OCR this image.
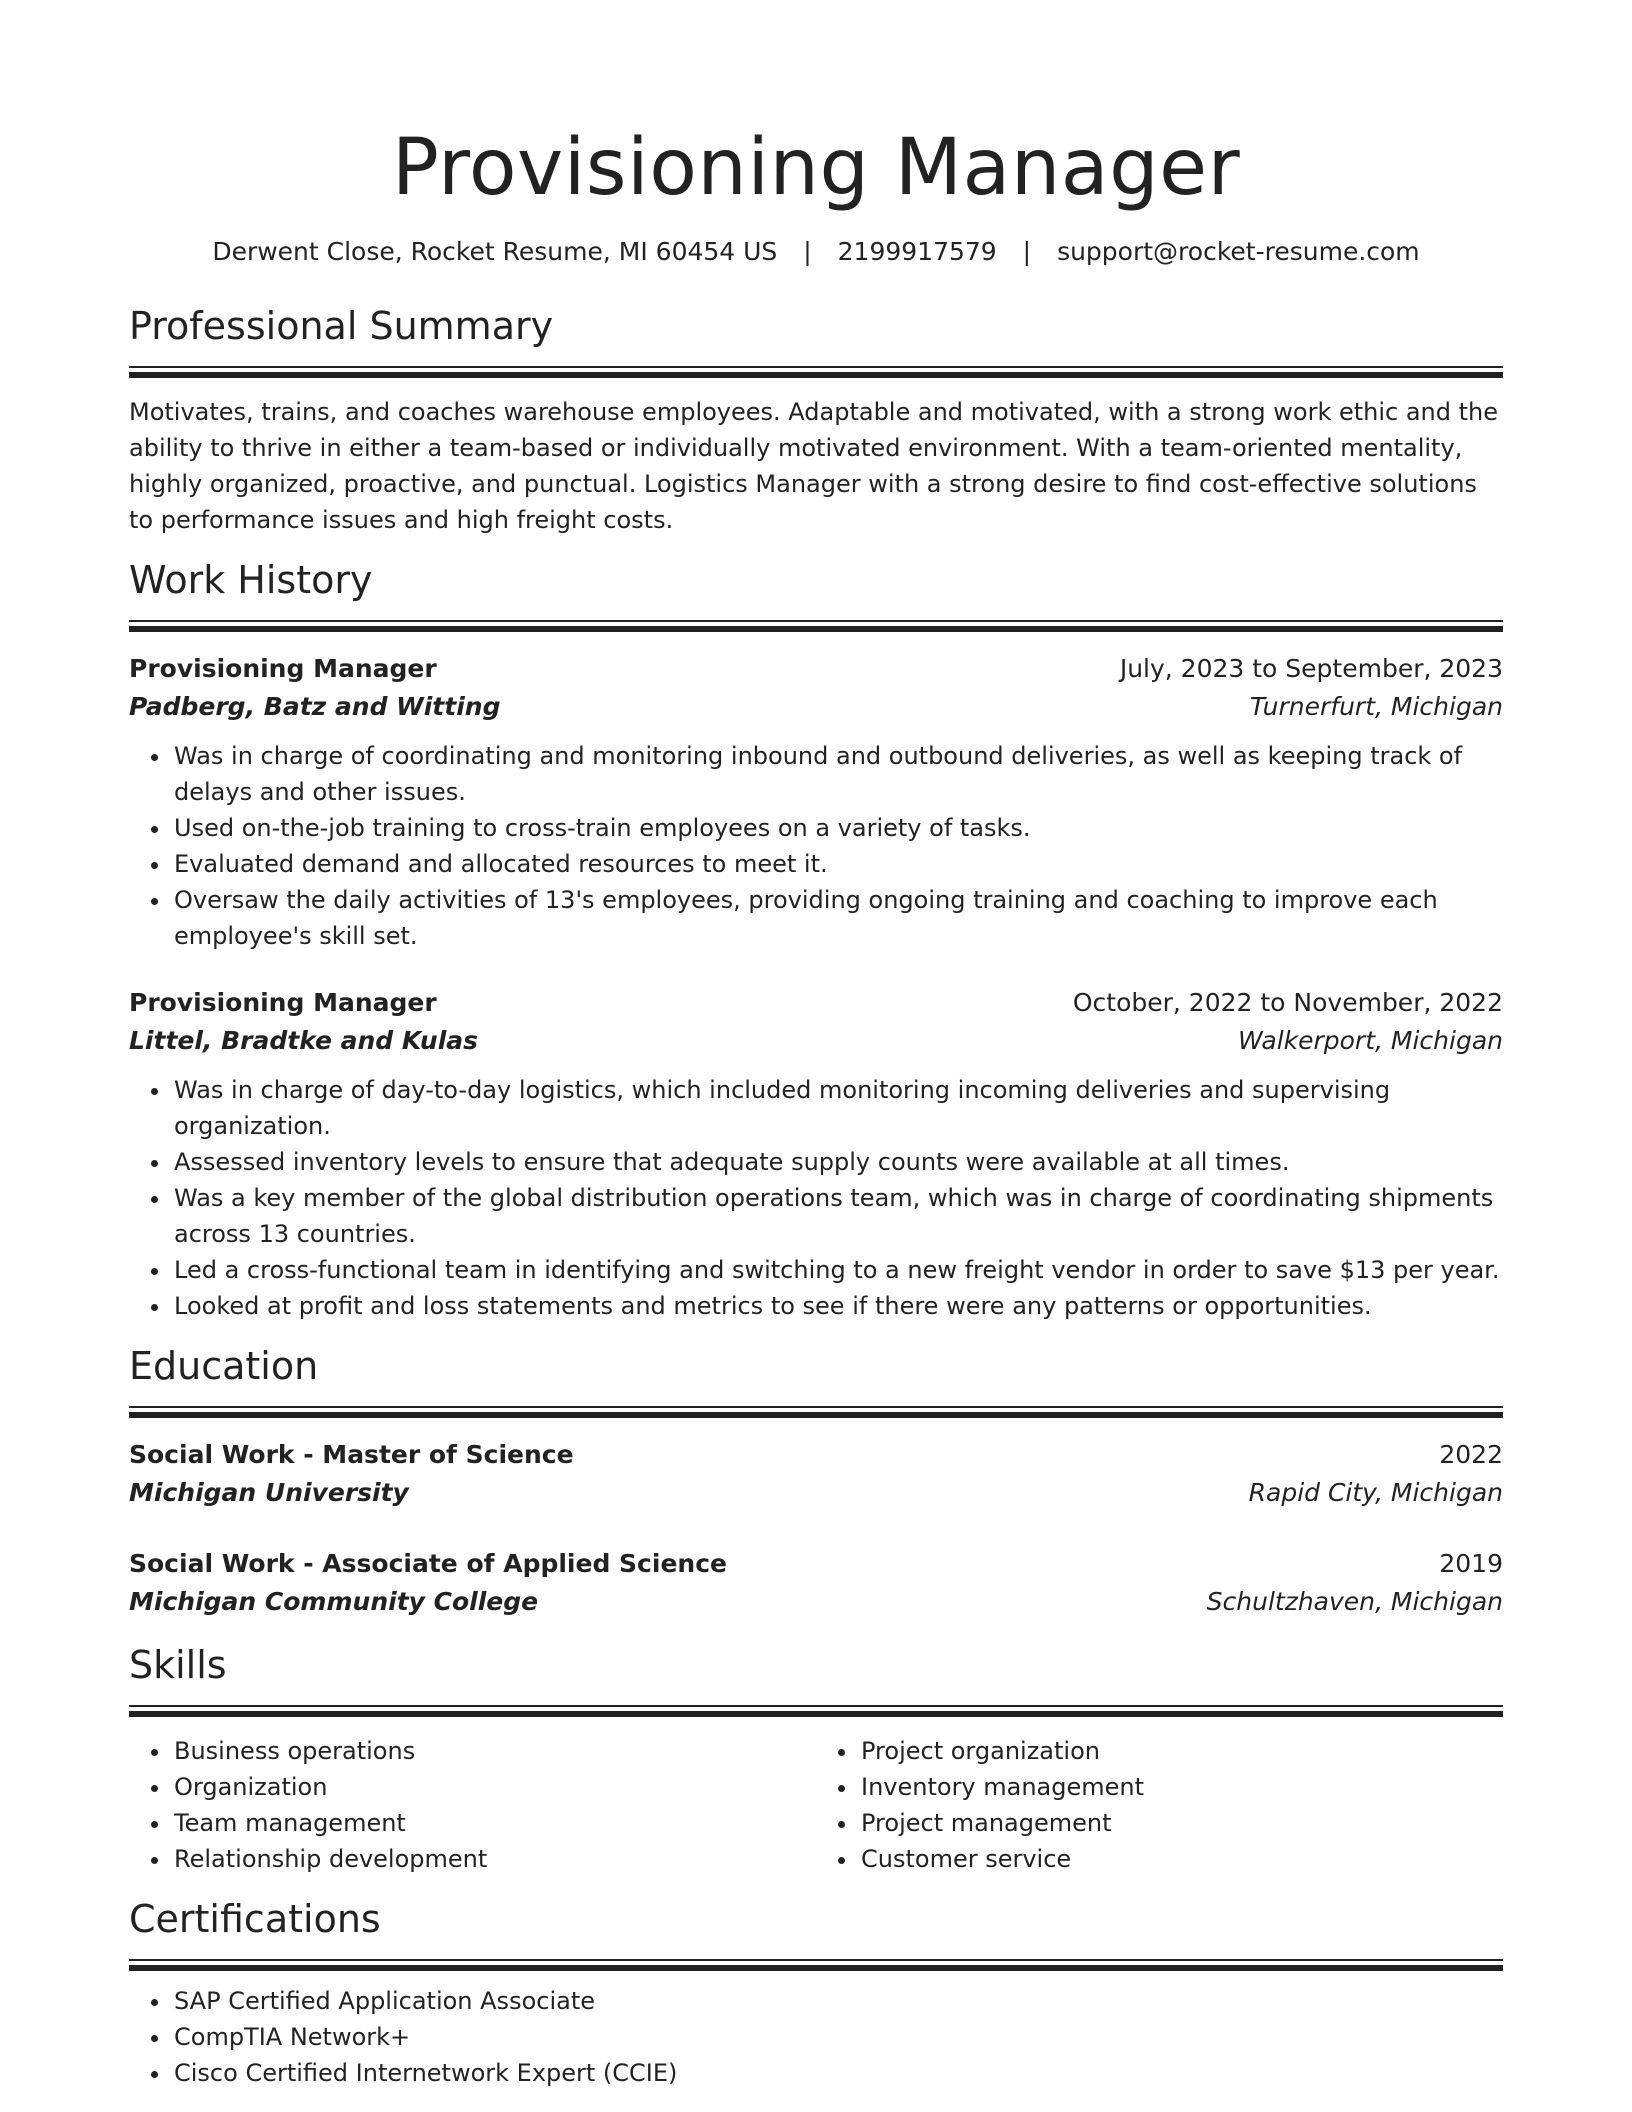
Provisioning Manager
Derwent Close, Rocket Resume, MI 60454 US | 2199917579 | support@rocket-resume.com
Professional Summary
Motivates, trains, and coaches warehouse employees. Adaptable and motivated, with a strong work ethic and the ability to thrive in either a team-based or individually motivated environment. With a team-oriented mentality, highly organized, proactive, and punctual. Logistics Manager with a strong desire to find cost-effective solutions to performance issues and high freight costs.
Work History
Provisioning Manager	July, 2023 to September, 2023
Padberg, Batz and Witting	Turnerfurt, Michigan
• Was in charge of coordinating and monitoring inbound and outbound deliveries, as well as keeping track of delays and other issues.
• Used on-the-job training to cross-train employees on a variety of tasks.
• Evaluated demand and allocated resources to meet it.
• Oversaw the daily activities of 13's employees, providing ongoing training and coaching to improve each employee's skill set.
Provisioning Manager	October, 2022 to November, 2022
Littel, Bradtke and Kulas	Walkerport, Michigan
• Was in charge of day-to-day logistics, which included monitoring incoming deliveries and supervising organization.
• Assessed inventory levels to ensure that adequate supply counts were available at all times.
• Was a key member of the global distribution operations team, which was in charge of coordinating shipments across 13 countries.
• Led a cross-functional team in identifying and switching to a new freight vendor in order to save $13 per year.
• Looked at profit and loss statements and metrics to see if there were any patterns or opportunities.
Education
Social Work - Master of Science	2022
Michigan University	Rapid City, Michigan
Social Work - Associate of Applied Science	2019
Michigan Community College	Schultzhaven, Michigan
Skills
• Business operations
• Organization
• Team management
• Relationship development
• Project organization
• Inventory management
• Project management
• Customer service
Certifications
• SAP Certified Application Associate
• CompTIA Network+
• Cisco Certified Internetwork Expert (CCIE)
